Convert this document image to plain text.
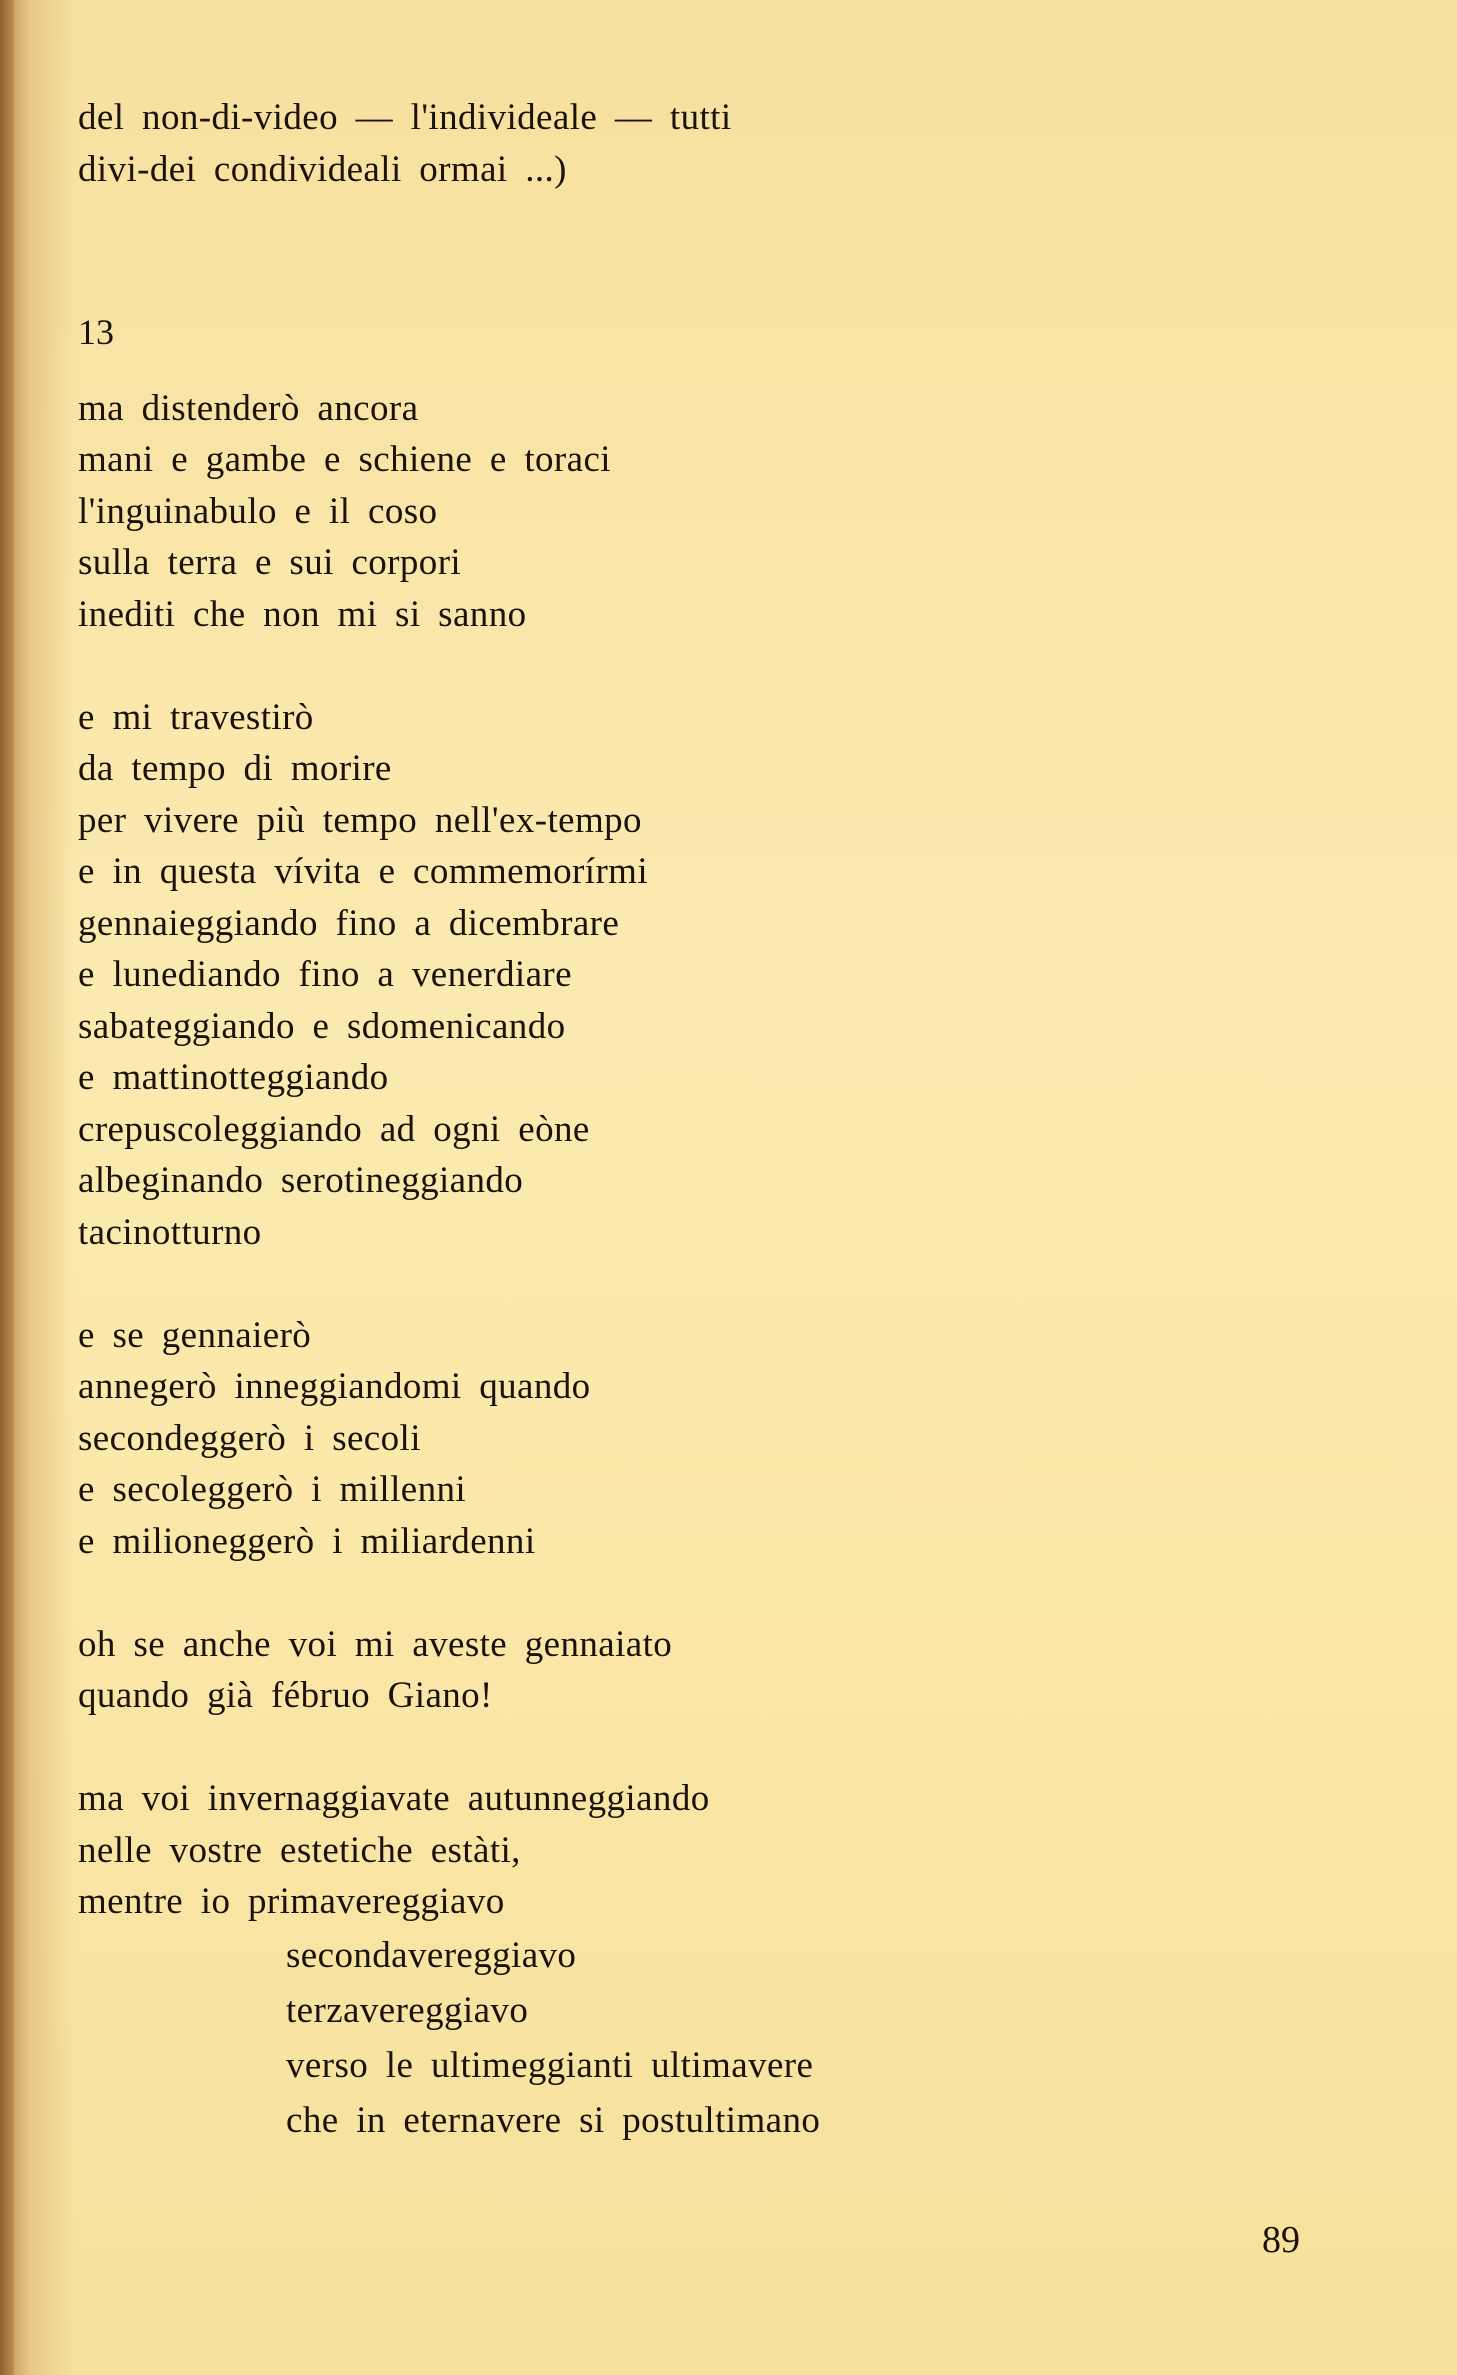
del non-di-video — l'individeale — tutti
divi-dei condivideali ormai ...)
13
ma distenderò ancora
mani e gambe e schiene e toraci
l'inguinabulo e il coso
sulla terra e sui corpori
inediti che non mi si sanno
e mi travestirò
da tempo di morire
per vivere più tempo nell'ex-tempo
e in questa vívita e commemorírmi
gennaieggiando fino a dicembrare
e lunediando fino a venerdiare
sabateggiando e sdomenicando
e mattinotteggiando
crepuscoleggiando ad ogni eòne
albeginando serotineggiando
tacinotturno
e se gennaierò
annegerò inneggiandomi quando
secondeggerò i secoli
e secoleggerò i millenni
e milioneggerò i miliardenni
oh se anche voi mi aveste gennaiato
quando già fébruo Giano!
ma voi invernaggiavate autunneggiando
nelle vostre estetiche estàti,
mentre io primavereggiavo
secondavereggiavo
terzavereggiavo
verso le ultimeggianti ultimavere
che in eternavere si postultimano
89
